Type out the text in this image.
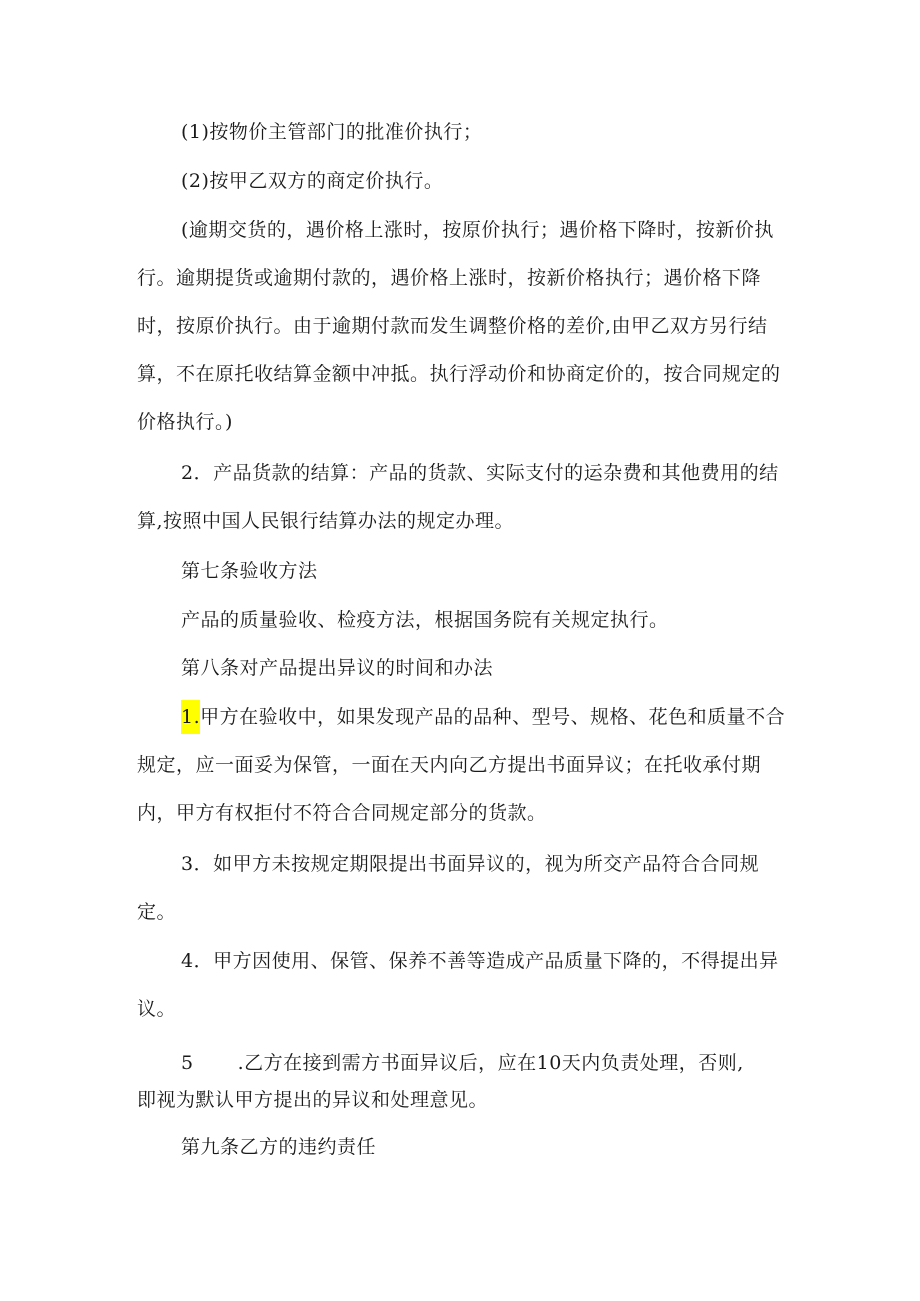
(1)按物价主管部门的批准价执行；

(2)按甲乙双方的商定价执行。

(逾期交货的，遇价格上涨时，按原价执行；遇价格下降时，按新价执行。逾期提货或逾期付款的，遇价格上涨时，按新价格执行；遇价格下降时，按原价执行。由于逾期付款而发生调整价格的差价,由甲乙双方另行结算，不在原托收结算金额中冲抵。执行浮动价和协商定价的，按合同规定的价格执行。)

2．产品货款的结算：产品的货款、实际支付的运杂费和其他费用的结算,按照中国人民银行结算办法的规定办理。

第七条验收方法

产品的质量验收、检疫方法，根据国务院有关规定执行。

第八条对产品提出异议的时间和办法

1.甲方在验收中，如果发现产品的品种、型号、规格、花色和质量不合规定，应一面妥为保管，一面在天内向乙方提出书面异议；在托收承付期内，甲方有权拒付不符合合同规定部分的货款。

3．如甲方未按规定期限提出书面异议的，视为所交产品符合合同规定。

4．甲方因使用、保管、保养不善等造成产品质量下降的，不得提出异议。

5 .乙方在接到需方书面异议后，应在10天内负责处理，否则,
即视为默认甲方提出的异议和处理意见。

第九条乙方的违约责任
